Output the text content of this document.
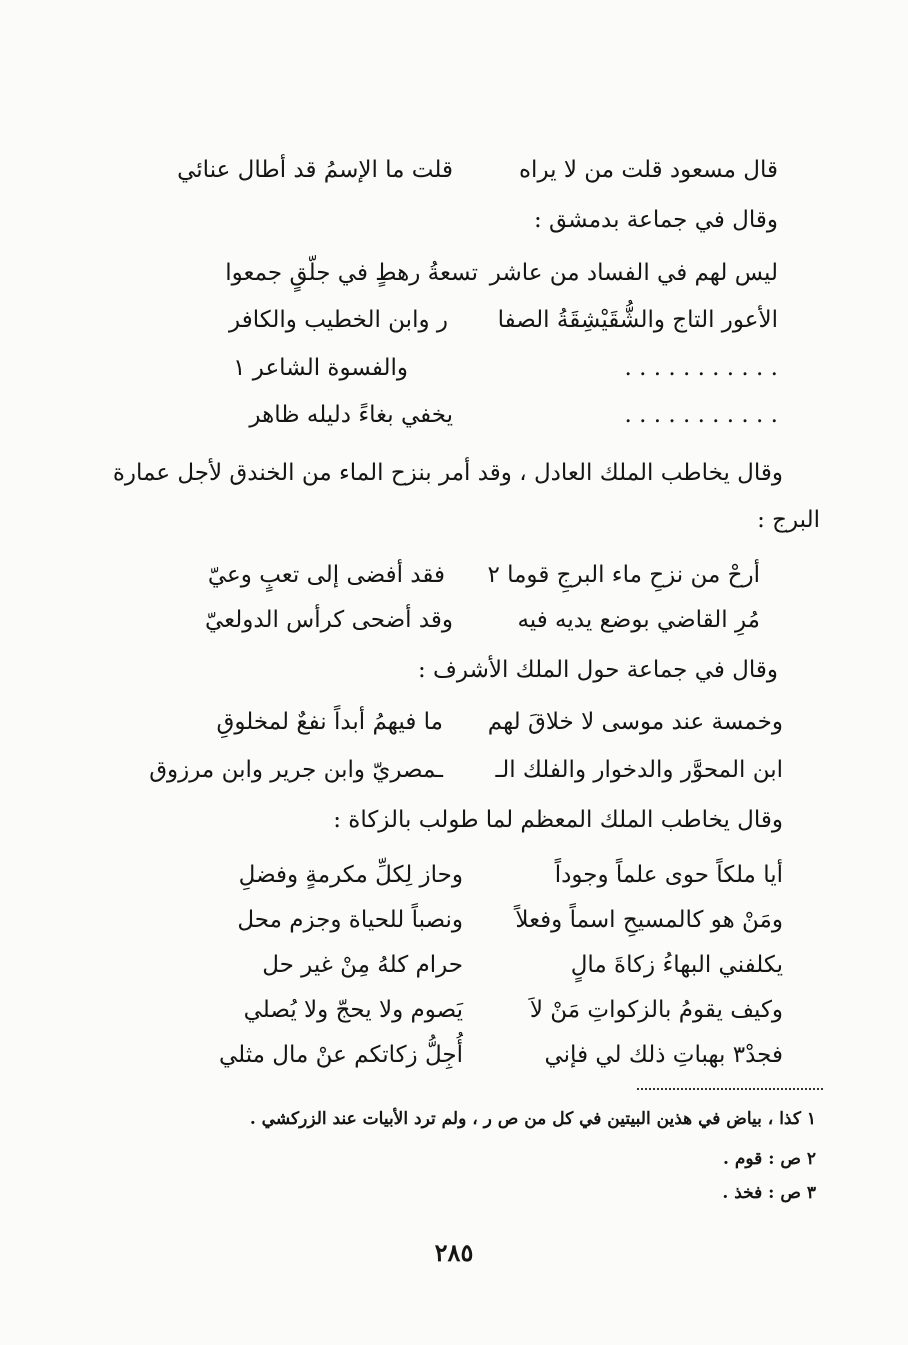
قال مسعود قلت من لا يراه
قلت ما الإسمُ قد أطال عنائي
وقال في جماعة بدمشق :
ليس لهم في الفساد من عاشر
تسعةُ رهطٍ في جلّقٍ جمعوا
الأعور التاج والشُّقَيْشِقَةُ الصفا
ر وابن الخطيب والكافر
. . . . . . . . . . .
والفسوة الشاعر ١
. . . . . . . . . . .
يخفي بغاءً دليله ظاهر
وقال يخاطب الملك العادل ، وقد أمر بنزح الماء من الخندق لأجل عمارة
البرج :
أرحْ من نزحِ ماء البرجِ قوما ٢
فقد أفضى إلى تعبٍ وعيّ
مُرِ القاضي بوضع يديه فيه
وقد أضحى كرأس الدولعيّ
وقال في جماعة حول الملك الأشرف :
وخمسة عند موسى لا خلاقَ لهم
ما فيهمُ أبداً نفعٌ لمخلوقِ
ابن المحوَّر والدخوار والفلك الـ
ـمصريّ وابن جرير وابن مرزوق
وقال يخاطب الملك المعظم لما طولب بالزكاة :
أيا ملكاً حوى علماً وجوداً
وحاز لِكلِّ مكرمةٍ وفضلِ
ومَنْ هو كالمسيحِ اسماً وفعلاً
ونصباً للحياة وجزم محل
يكلفني البهاءُ زكاةَ مالٍ
حرام كلهُ مِنْ غير حل
وكيف يقومُ بالزكواتِ مَنْ لاَ
يَصوم ولا يحجّ ولا يُصلي
فجدْ٣ بهباتِ ذلك لي فإني
أُجِلُّ زكاتكم عنْ مال مثلي
١ كذا ، بياض في هذين البيتين في كل من ص ر ، ولم ترد الأبيات عند الزركشي .
٢ ص : قوم .
٣ ص : فخذ .
٢٨٥
